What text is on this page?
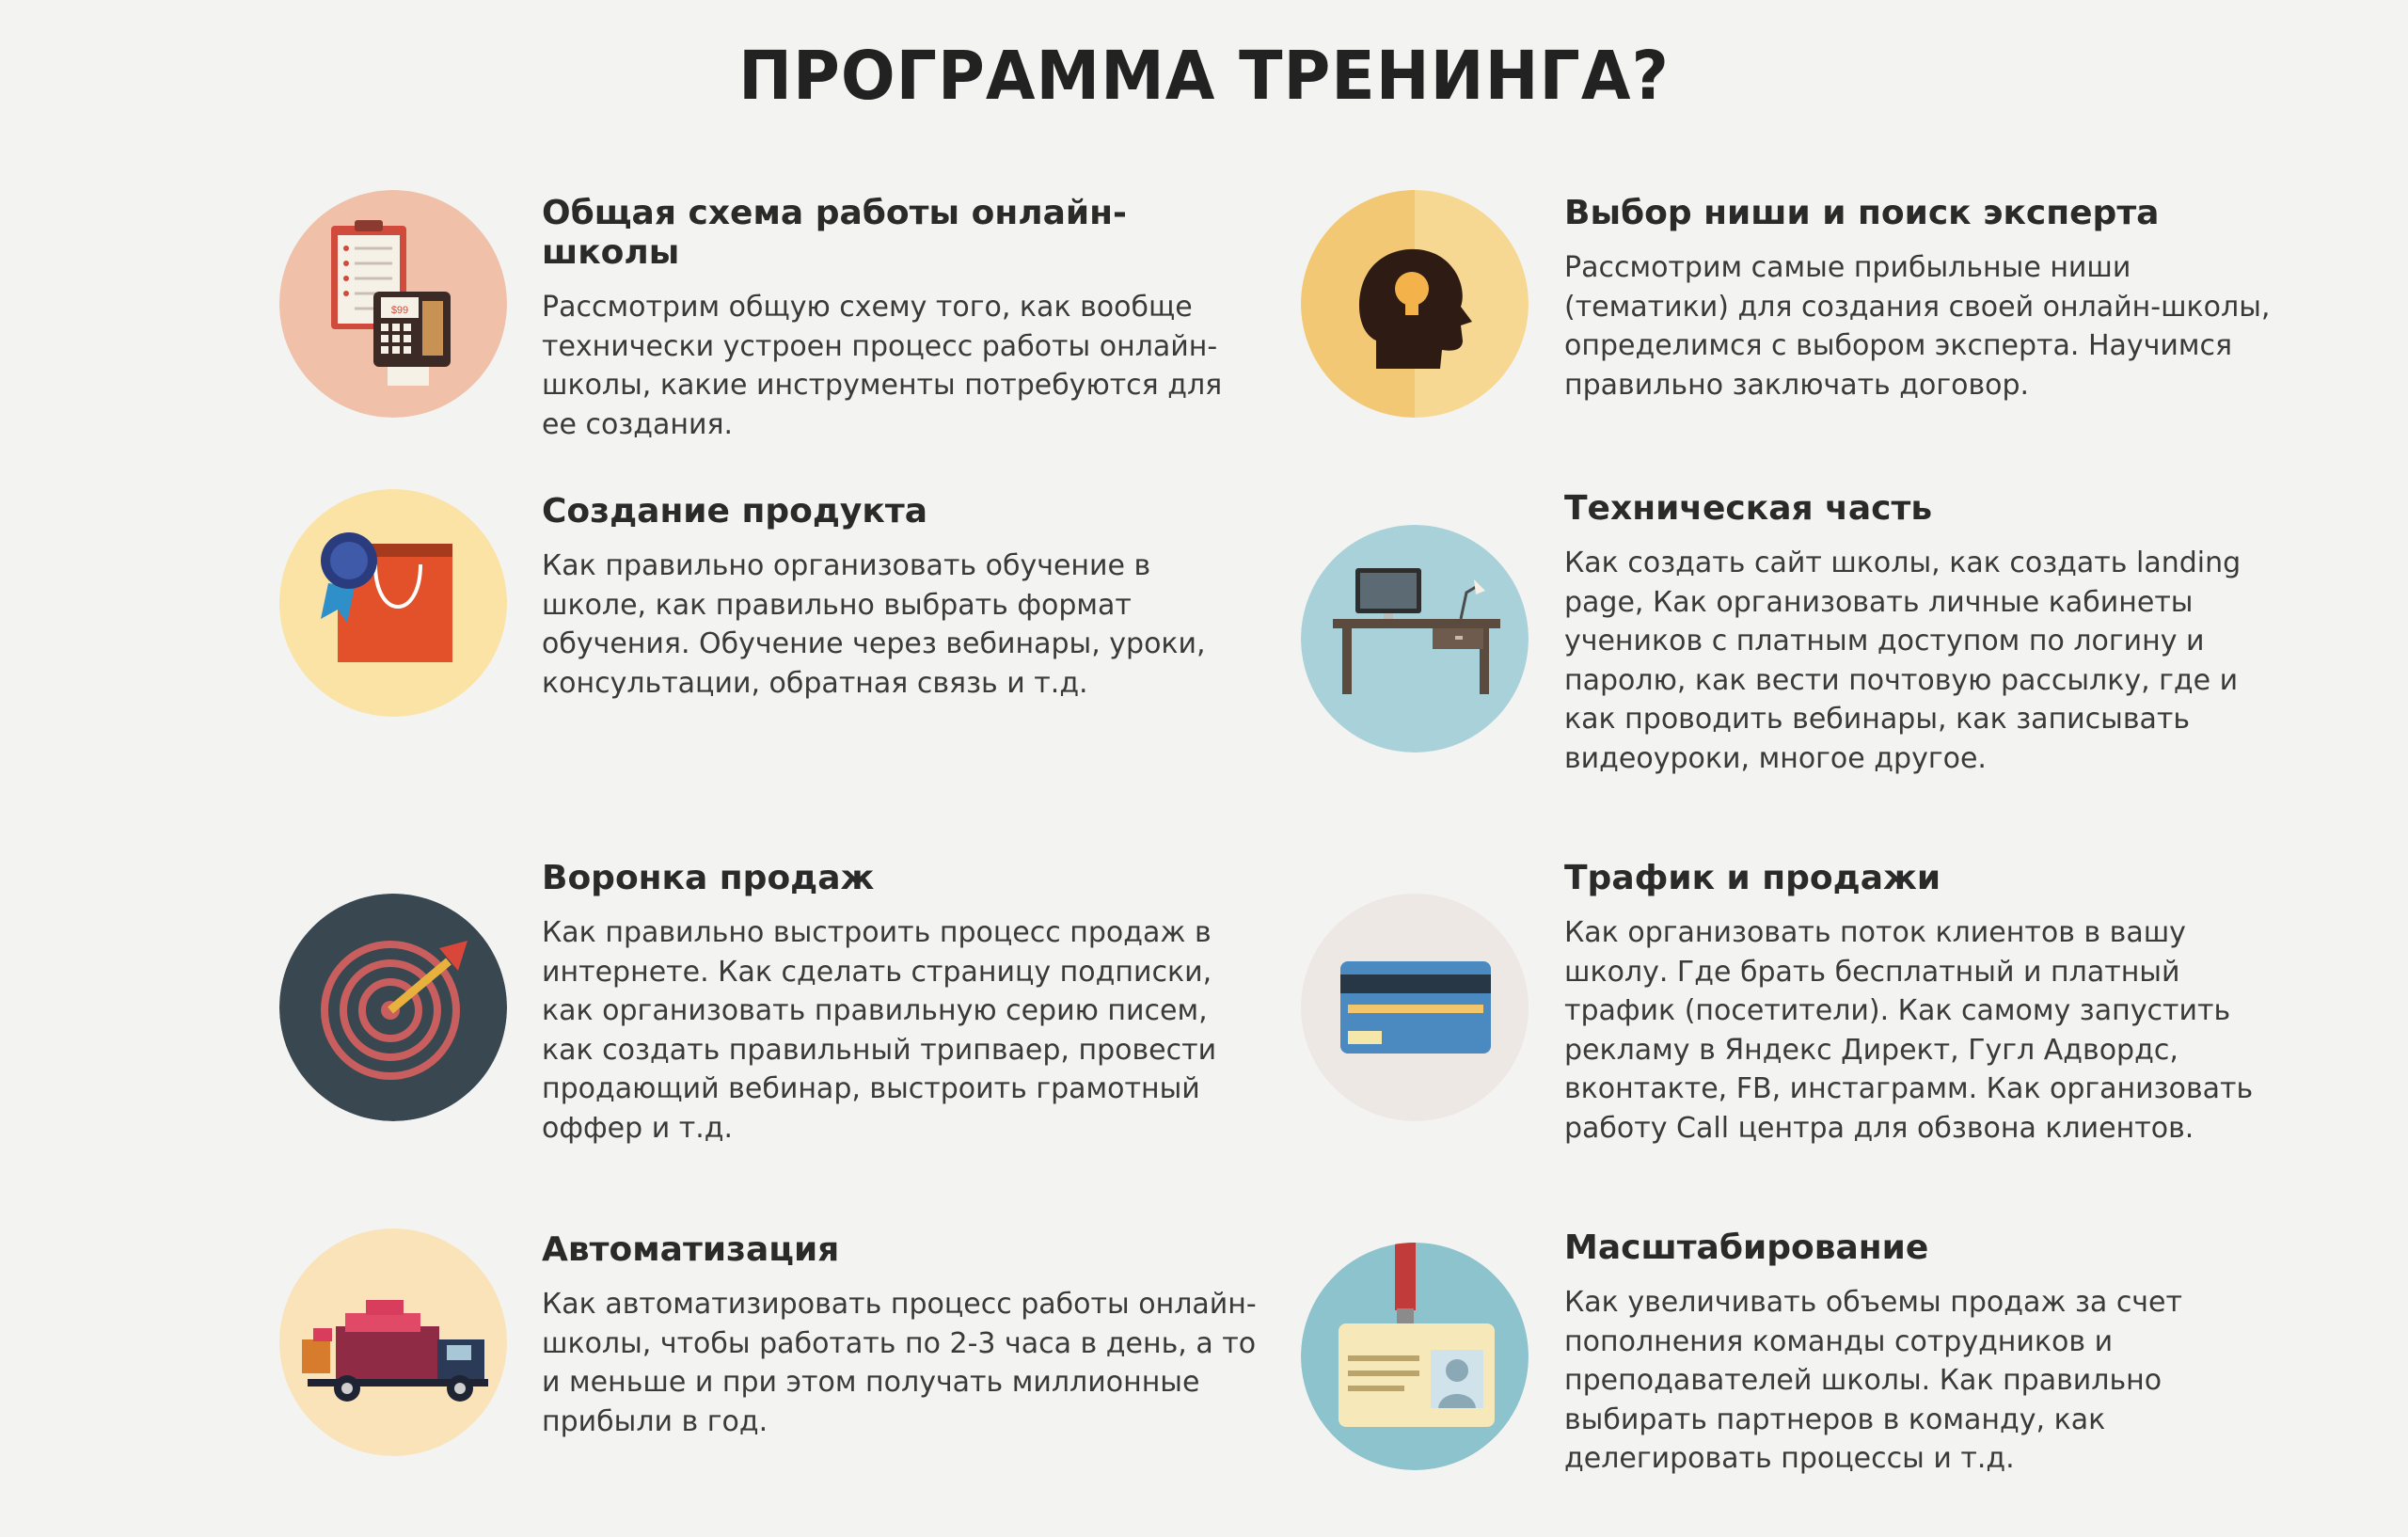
ПРОГРАММА ТРЕНИНГА?
$99
Общая схема работы онлайн-школы

Рассмотрим общую схему того, как вообще технически устроен процесс работы онлайн-школы, какие инструменты потребуются для ее создания.

Выбор ниши и поиск эксперта

Рассмотрим самые прибыльные ниши (тематики) для создания своей онлайн-школы, определимся с выбором эксперта. Научимся правильно заключать договор.

Создание продукта

Как правильно организовать обучение в школе, как правильно выбрать формат обучения. Обучение через вебинары, уроки, консультации, обратная связь и т.д.

Техническая часть

Как создать сайт школы, как создать landing page, Как организовать личные кабинеты учеников с платным доступом по логину и паролю, как вести почтовую рассылку, где и как проводить вебинары, как записывать видеоуроки, многое другое.

Воронка продаж

Как правильно выстроить процесс продаж в интернете. Как сделать страницу подписки, как организовать правильную серию писем, как создать правильный трипваер, провести продающий вебинар, выстроить грамотный оффер и т.д.

Трафик и продажи

Как организовать поток клиентов в вашу школу. Где брать бесплатный и платный трафик (посетители). Как самому запустить рекламу в Яндекс Директ, Гугл Адвордс, вконтакте, FB, инстаграмм. Как организовать работу Call центра для обзвона клиентов.

Автоматизация

Как автоматизировать процесс работы онлайн-школы, чтобы работать по 2-3 часа в день, а то и меньше и при этом получать миллионные прибыли в год.

Масштабирование

Как увеличивать объемы продаж за счет пополнения команды сотрудников и преподавателей школы. Как правильно выбирать партнеров в команду, как делегировать процессы и т.д.
